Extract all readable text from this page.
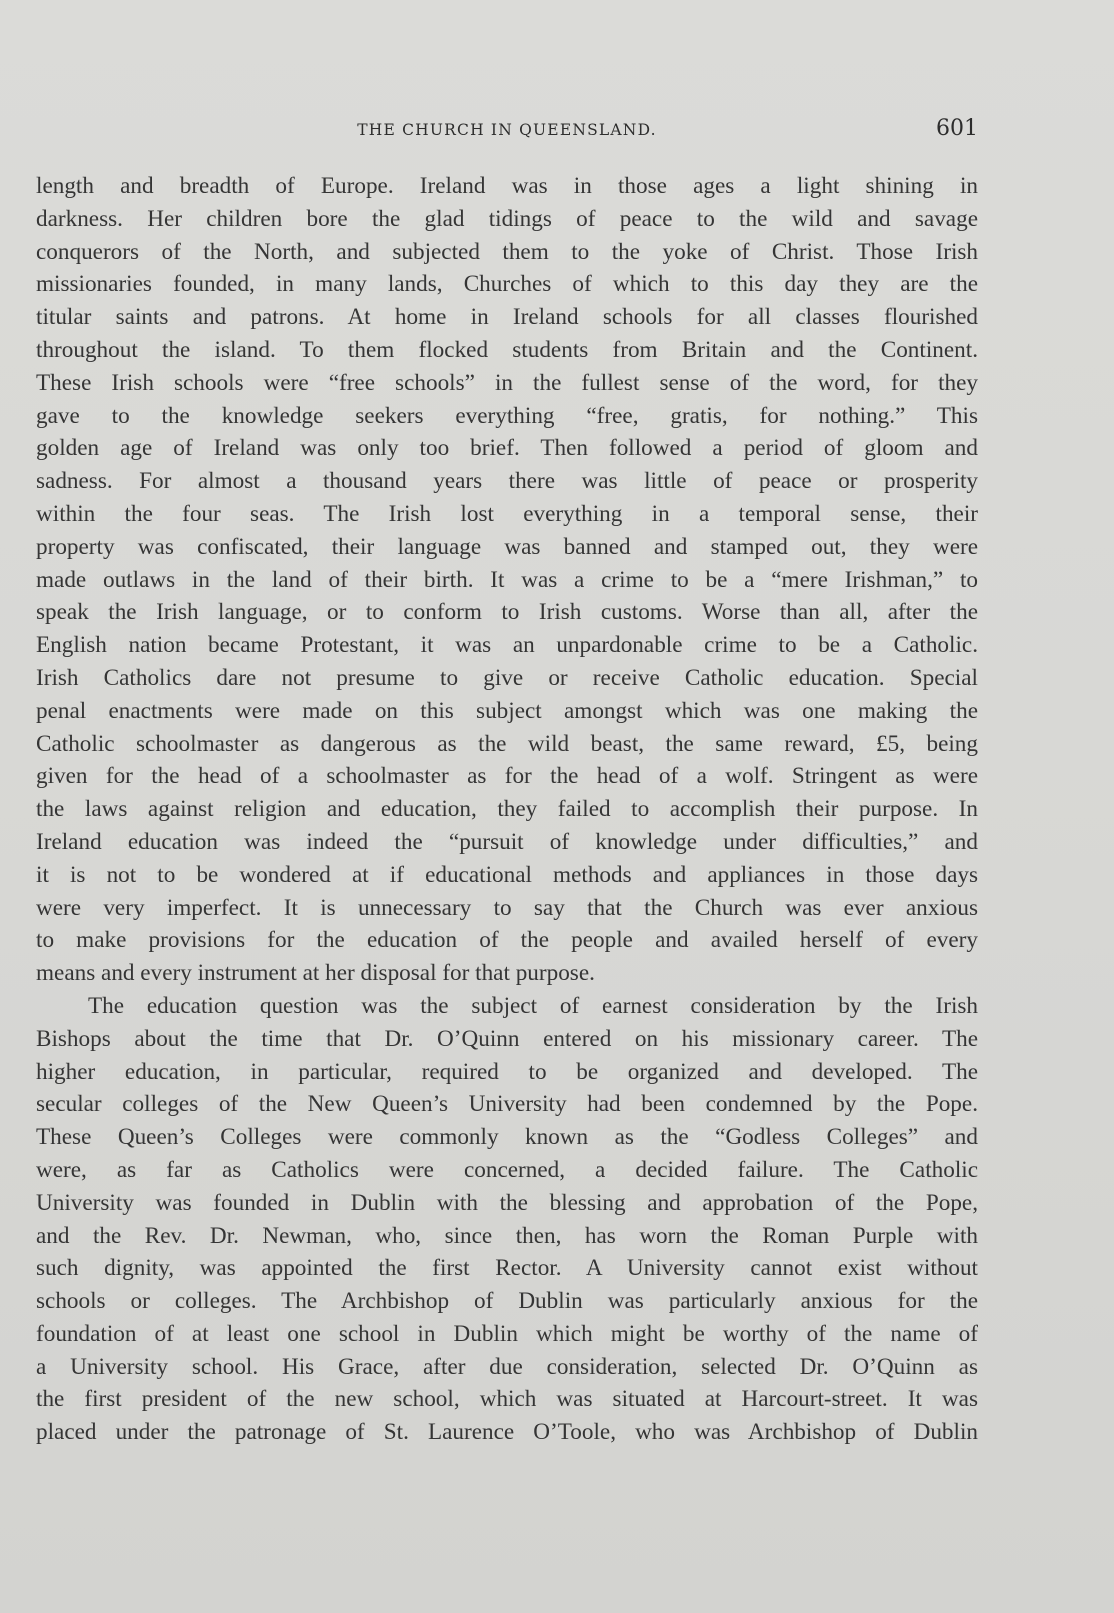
THE CHURCH IN QUEENSLAND.	601
length and breadth of Europe. Ireland was in those ages a light shining in
darkness. Her children bore the glad tidings of peace to the wild and savage
conquerors of the North, and subjected them to the yoke of Christ. Those Irish
missionaries founded, in many lands, Churches of which to this day they are the
titular saints and patrons. At home in Ireland schools for all classes flourished
throughout the island. To them flocked students from Britain and the Continent.
These Irish schools were “free schools” in the fullest sense of the word, for they
gave to the knowledge seekers everything “free, gratis, for nothing.” This
golden age of Ireland was only too brief. Then followed a period of gloom and
sadness. For almost a thousand years there was little of peace or prosperity
within the four seas. The Irish lost everything in a temporal sense, their
property was confiscated, their language was banned and stamped out, they were
made outlaws in the land of their birth. It was a crime to be a “mere Irishman,” to
speak the Irish language, or to conform to Irish customs. Worse than all, after the
English nation became Protestant, it was an unpardonable crime to be a Catholic.
Irish Catholics dare not presume to give or receive Catholic education. Special
penal enactments were made on this subject amongst which was one making the
Catholic schoolmaster as dangerous as the wild beast, the same reward, £5, being
given for the head of a schoolmaster as for the head of a wolf. Stringent as were
the laws against religion and education, they failed to accomplish their purpose. In
Ireland education was indeed the “pursuit of knowledge under difficulties,” and
it is not to be wondered at if educational methods and appliances in those days
were very imperfect. It is unnecessary to say that the Church was ever anxious
to make provisions for the education of the people and availed herself of every
means and every instrument at her disposal for that purpose.
The education question was the subject of earnest consideration by the Irish
Bishops about the time that Dr. O’Quinn entered on his missionary career. The
higher education, in particular, required to be organized and developed. The
secular colleges of the New Queen’s University had been condemned by the Pope.
These Queen’s Colleges were commonly known as the “Godless Colleges” and
were, as far as Catholics were concerned, a decided failure. The Catholic
University was founded in Dublin with the blessing and approbation of the Pope,
and the Rev. Dr. Newman, who, since then, has worn the Roman Purple with
such dignity, was appointed the first Rector. A University cannot exist without
schools or colleges. The Archbishop of Dublin was particularly anxious for the
foundation of at least one school in Dublin which might be worthy of the name of
a University school. His Grace, after due consideration, selected Dr. O’Quinn as
the first president of the new school, which was situated at Harcourt-street. It was
placed under the patronage of St. Laurence O’Toole, who was Archbishop of Dublin
